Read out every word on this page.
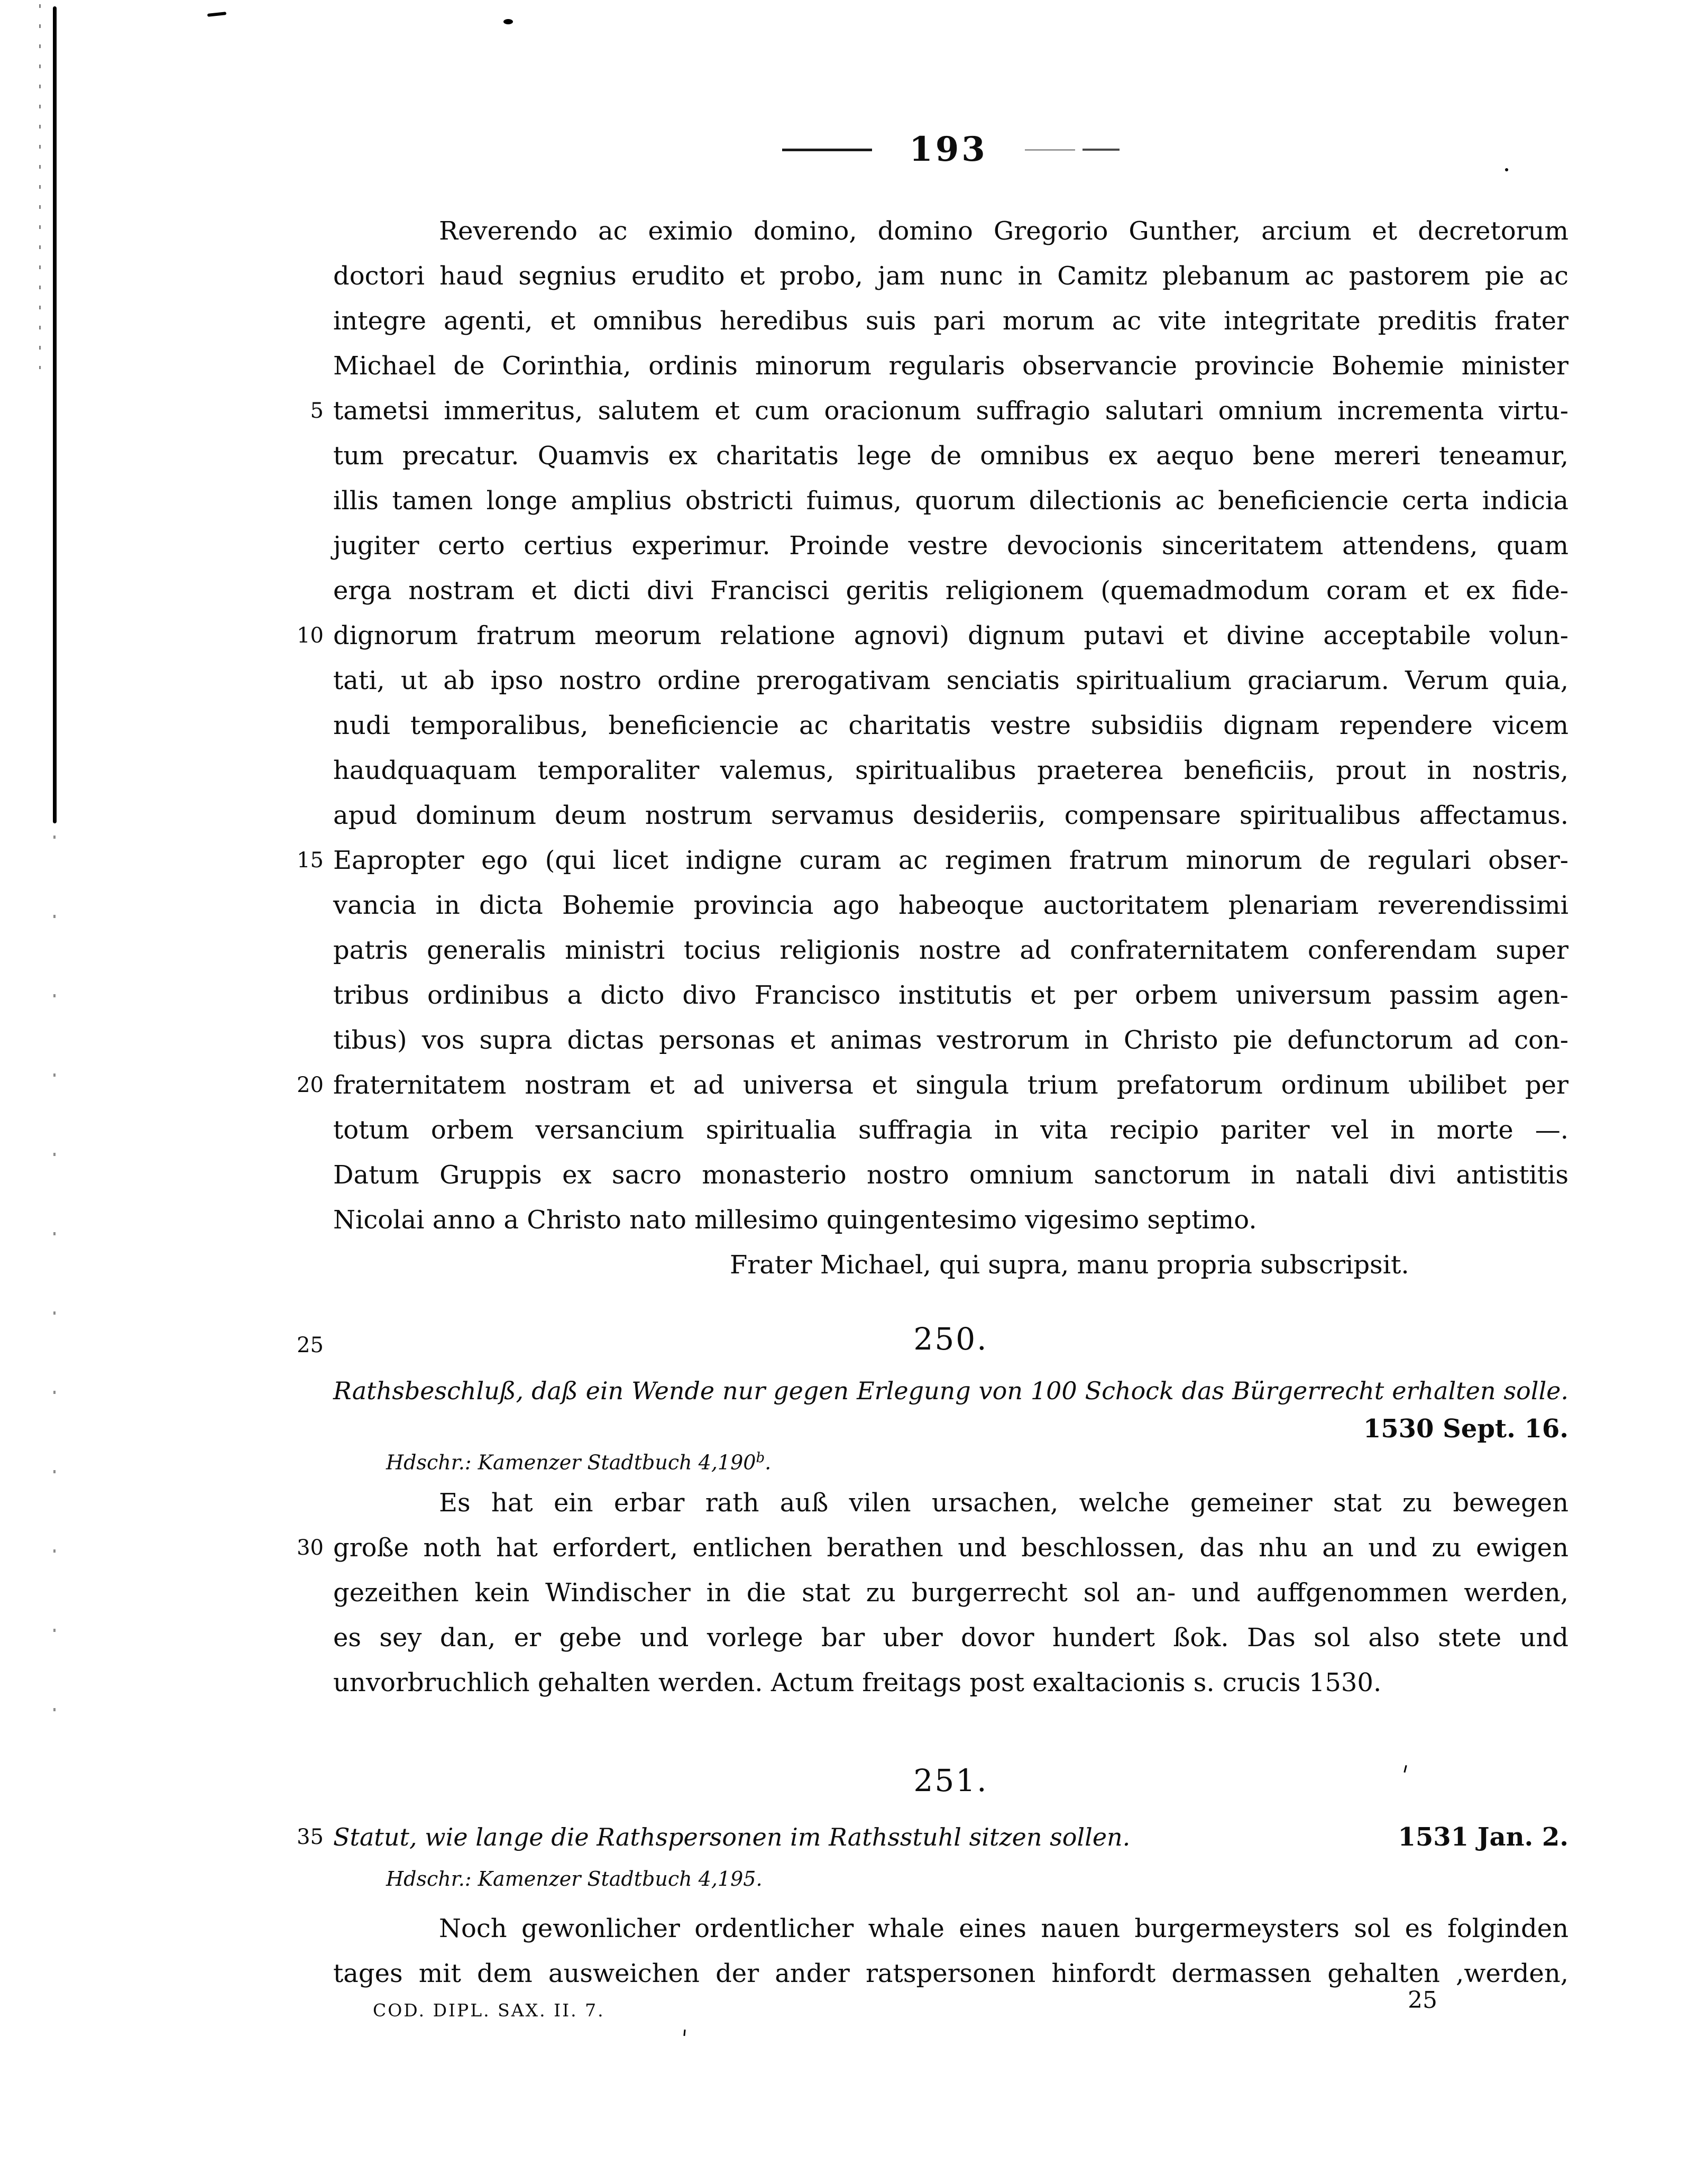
193
5
10
15
20
25
30
35
Reverendo ac eximio domino, domino Gregorio Gunther, arcium et decretorum
doctori haud segnius erudito et probo, jam nunc in Camitz plebanum ac pastorem pie ac
integre agenti, et omnibus heredibus suis pari morum ac vite integritate preditis frater
Michael de Corinthia, ordinis minorum regularis observancie provincie Bohemie minister
tametsi immeritus, salutem et cum oracionum suffragio salutari omnium incrementa virtu-
tum precatur. Quamvis ex charitatis lege de omnibus ex aequo bene mereri teneamur,
illis tamen longe amplius obstricti fuimus, quorum dilectionis ac beneficiencie certa indicia
jugiter certo certius experimur. Proinde vestre devocionis sinceritatem attendens, quam
erga nostram et dicti divi Francisci geritis religionem (quemadmodum coram et ex fide-
dignorum fratrum meorum relatione agnovi) dignum putavi et divine acceptabile volun-
tati, ut ab ipso nostro ordine prerogativam senciatis spiritualium graciarum. Verum quia,
nudi temporalibus, beneficiencie ac charitatis vestre subsidiis dignam rependere vicem
haudquaquam temporaliter valemus, spiritualibus praeterea beneficiis, prout in nostris,
apud dominum deum nostrum servamus desideriis, compensare spiritualibus affectamus.
Eapropter ego (qui licet indigne curam ac regimen fratrum minorum de regulari obser-
vancia in dicta Bohemie provincia ago habeoque auctoritatem plenariam reverendissimi
patris generalis ministri tocius religionis nostre ad confraternitatem conferendam super
tribus ordinibus a dicto divo Francisco institutis et per orbem universum passim agen-
tibus) vos supra dictas personas et animas vestrorum in Christo pie defunctorum ad con-
fraternitatem nostram et ad universa et singula trium prefatorum ordinum ubilibet per
totum orbem versancium spiritualia suffragia in vita recipio pariter vel in morte —.
Datum Gruppis ex sacro monasterio nostro omnium sanctorum in natali divi antistitis
Nicolai anno a Christo nato millesimo quingentesimo vigesimo septimo.
Frater Michael, qui supra, manu propria subscripsit.
250.
Rathsbeschluß, daß ein Wende nur gegen Erlegung von 100 Schock das Bürgerrecht erhalten solle.
1530 Sept. 16.
Hdschr.: Kamenzer Stadtbuch 4,190$^b$.
Es hat ein erbar rath auß vilen ursachen, welche gemeiner stat zu bewegen
große noth hat erfordert, entlichen berathen und beschlossen, das nhu an und zu ewigen
gezeithen kein Windischer in die stat zu burgerrecht sol an- und auffgenommen werden,
es sey dan, er gebe und vorlege bar uber dovor hundert ßok. Das sol also stete und
unvorbruchlich gehalten werden. Actum freitags post exaltacionis s. crucis 1530.
251.
Statut, wie lange die Rathspersonen im Rathsstuhl sitzen sollen.	1531 Jan. 2.
Hdschr.: Kamenzer Stadtbuch 4,195.
Noch gewonlicher ordentlicher whale eines nauen burgermeysters sol es folginden
tages mit dem ausweichen der ander ratspersonen hinfordt dermassen gehalten ,werden,
COD. DIPL. SAX. II. 7.	25
